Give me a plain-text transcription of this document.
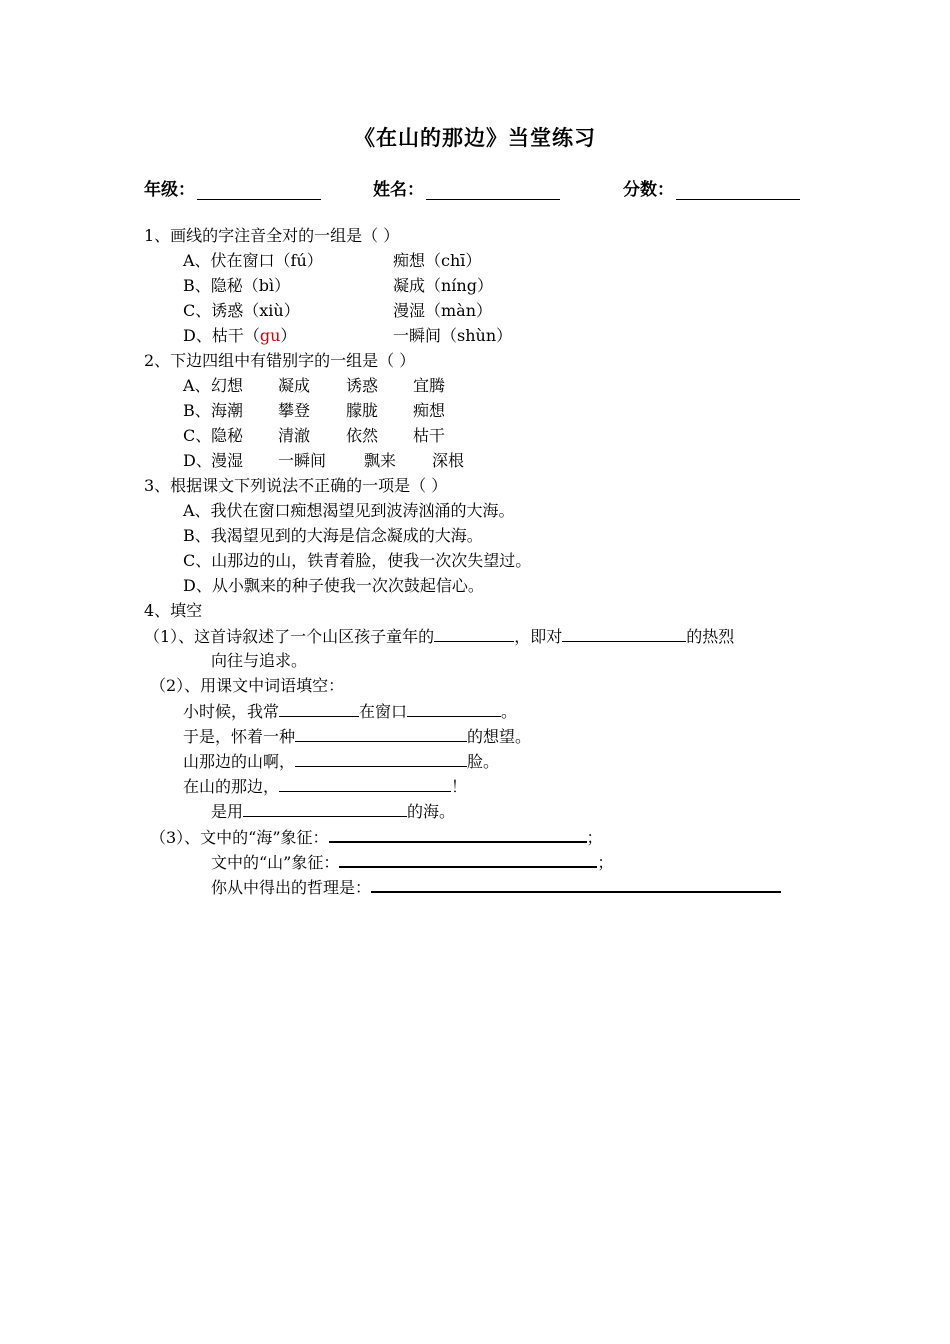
《在山的那边》当堂练习
年级：	姓名：	分数：
1、画线的字注音全对的一组是（ ）
A、伏在窗口（fú）	痴想（chī）
B、隐秘（bì）	凝成（níng）
C、诱惑（xiù）	漫湿（màn）
D、枯干（gu）	一瞬间（shùn）
2、下边四组中有错别字的一组是（ ）
A、 幻想 凝成 诱惑 宜腾
B、 海潮 攀登 朦胧 痴想
C、 隐秘 清澈 依然 枯干
D、 漫湿 一瞬间 飘来 深根
3、根据课文下列说法不正确的一项是（ ）
A、我伏在窗口痴想渴望见到波涛汹涌的大海。
B、我渴望见到的大海是信念凝成的大海。
C、山那边的山，铁青着脸，使我一次次失望过。
D、从小飘来的种子使我一次次鼓起信心。
4、填空
（1）、这首诗叙述了一个山区孩子童年的	，即对	的热烈
向往与追求。
（2）、用课文中词语填空：
小时候，我常	在窗口	。
于是，怀着一种	的想望。
山那边的山啊，	脸。
在山的那边，	！
是用	的海。
（3）、文中的“海”象征：	；
文中的“山”象征：	；
你从中得出的哲理是：
